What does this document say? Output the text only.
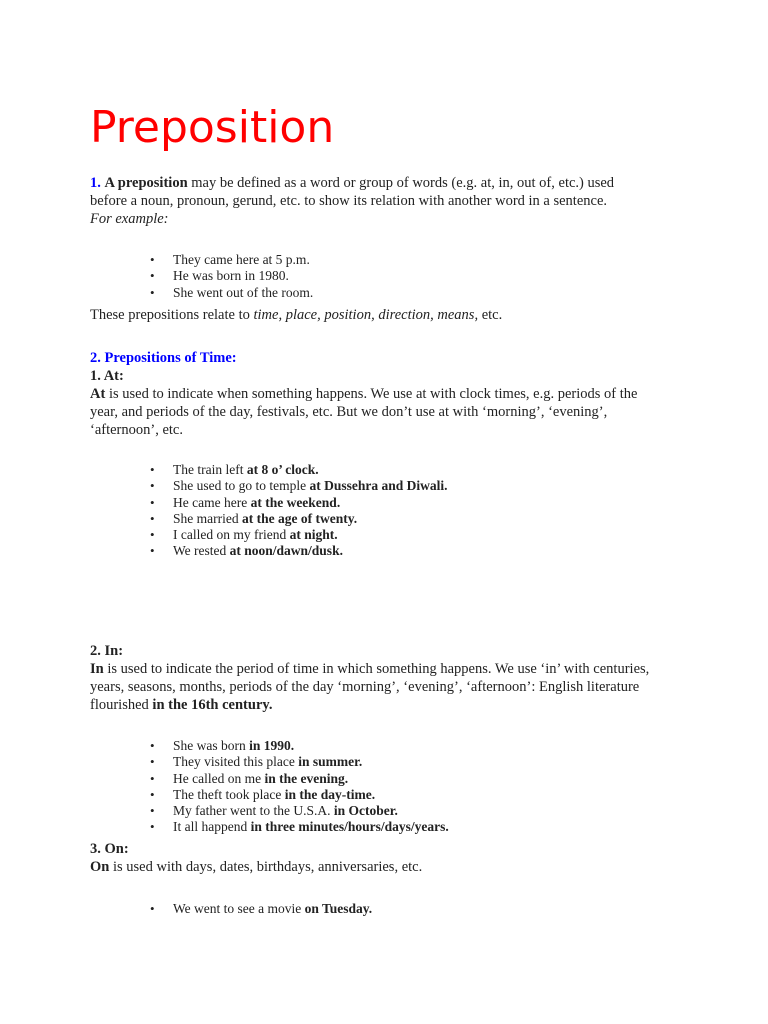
Preposition

1. A preposition may be defined as a word or group of words (e.g. at, in, out of, etc.) used

before a noun, pronoun, gerund, etc. to show its relation with another word in a sentence.

For example:

• They came here at 5 p.m.
• He was born in 1980.
• She went out of the room.

These prepositions relate to time, place, position, direction, means, etc.

2. Prepositions of Time:

1. At:

At is used to indicate when something happens. We use at with clock times, e.g. periods of the

year, and periods of the day, festivals, etc. But we don’t use at with ‘morning’, ‘evening’,

‘afternoon’, etc.

• The train left at 8 o’ clock.
• She used to go to temple at Dussehra and Diwali.
• He came here at the weekend.
• She married at the age of twenty.
• I called on my friend at night.
• We rested at noon/dawn/dusk.

2. In:

In is used to indicate the period of time in which something happens. We use ‘in’ with centuries,

years, seasons, months, periods of the day ‘morning’, ‘evening’, ‘afternoon’: English literature

flourished in the 16th century.

• She was born in 1990.
• They visited this place in summer.
• He called on me in the evening.
• The theft took place in the day-time.
• My father went to the U.S.A. in October.
• It all happend in three minutes/hours/days/years.

3. On:

On is used with days, dates, birthdays, anniversaries, etc.

• We went to see a movie on Tuesday.
